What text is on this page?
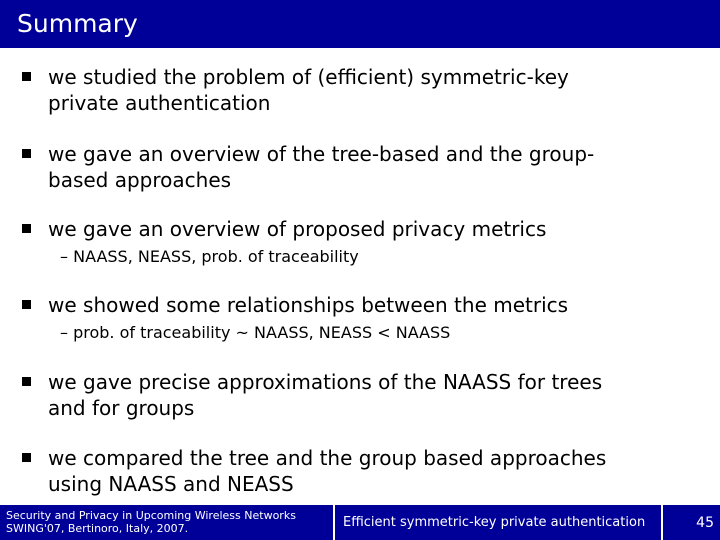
Summary
we studied the problem of (efficient) symmetric-key
private authentication
we gave an overview of the tree-based and the group-
based approaches
we gave an overview of proposed privacy metrics
– NAASS, NEASS, prob. of traceability
we showed some relationships between the metrics
– prob. of traceability ~ NAASS, NEASS < NAASS
we gave precise approximations of the NAASS for trees
and for groups
we compared the tree and the group based approaches
using NAASS and NEASS
Security and Privacy in Upcoming Wireless Networks
SWING'07, Bertinoro, Italy, 2007.	Efficient symmetric-key private authentication	45
